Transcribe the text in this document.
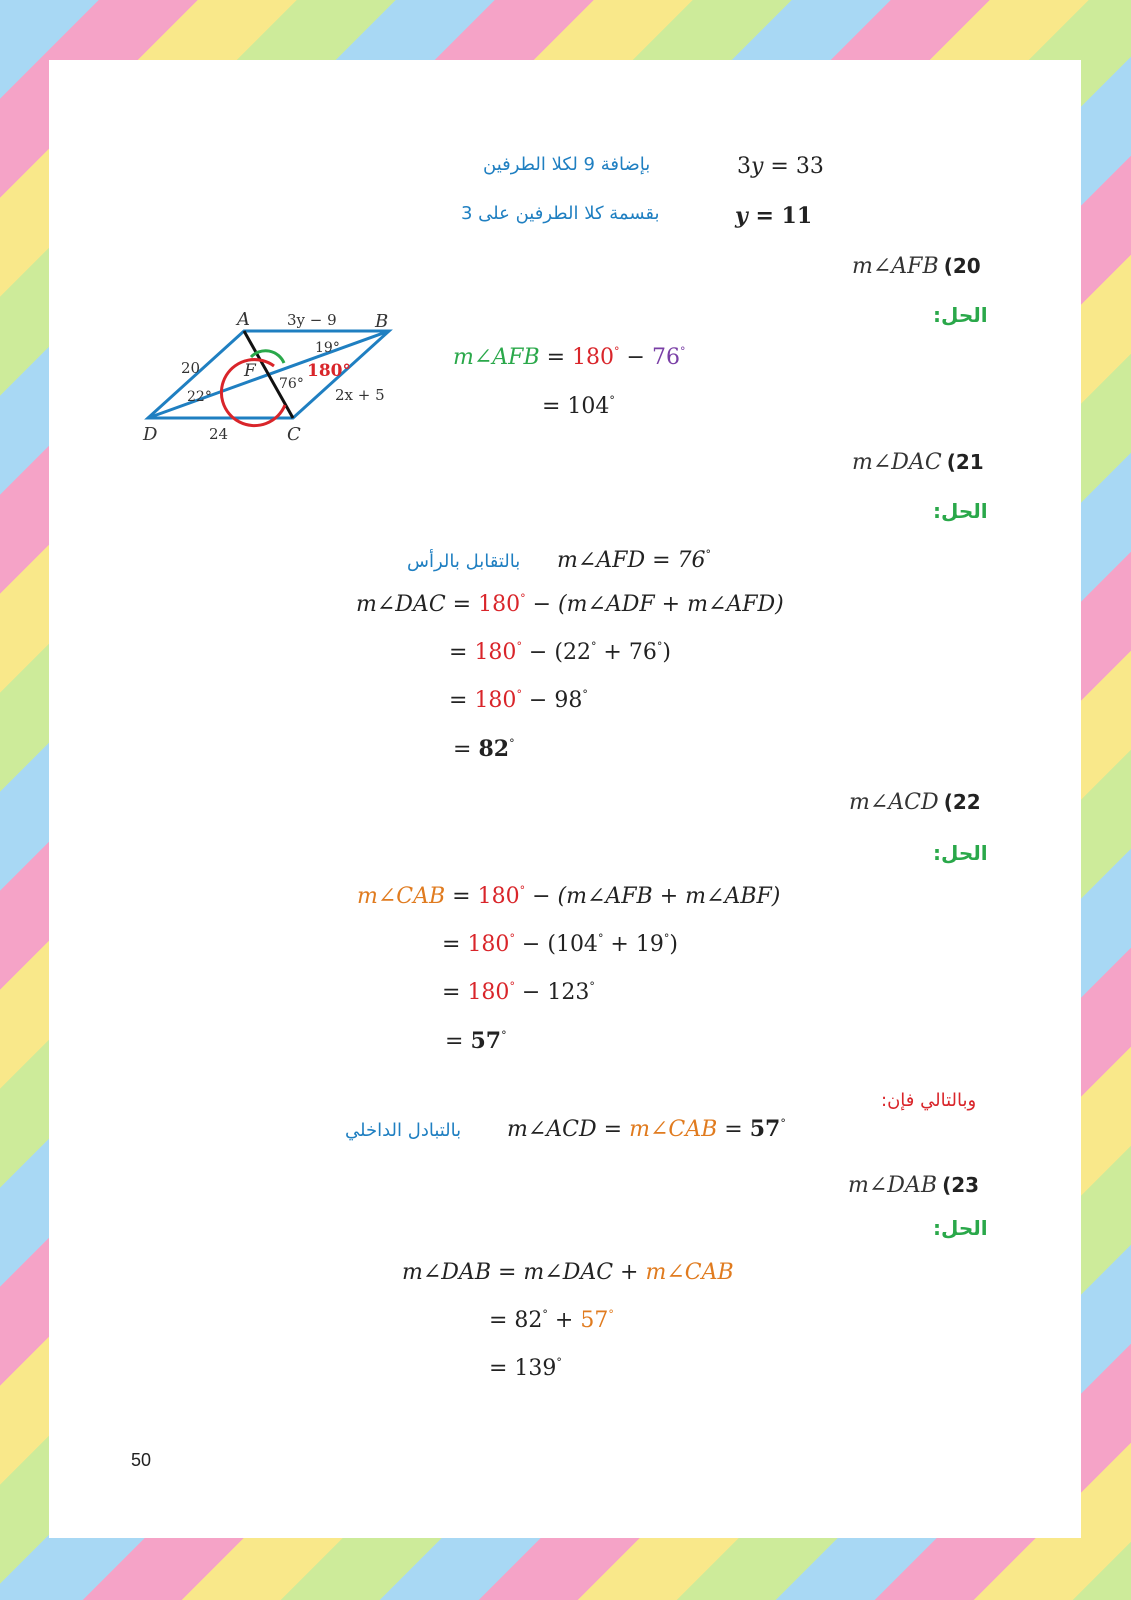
3y = 33
بإضافة 9 لكلا الطرفين
y = 11
بقسمة كلا الطرفين على 3
m∠AFB (20
الحل:
A	B
C
D
F
3y − 9
20
24
2x + 5
19°
22°
76°
180°
m∠AFB = 180° − 76°
= 104°
m∠DAC (21
الحل:
m∠AFD = 76°
بالتقابل بالرأس
m∠DAC = 180° − (m∠ADF + m∠AFD)
= 180° − (22° + 76°)
= 180° − 98°
= 82°
m∠ACD (22
الحل:
m∠CAB = 180° − (m∠AFB + m∠ABF)
= 180° − (104° + 19°)
= 180° − 123°
= 57°
وبالتالي فإن:
m∠ACD = m∠CAB = 57°
بالتبادل الداخلي
m∠DAB (23
الحل:
m∠DAB = m∠DAC + m∠CAB
= 82° + 57°
= 139°
50
